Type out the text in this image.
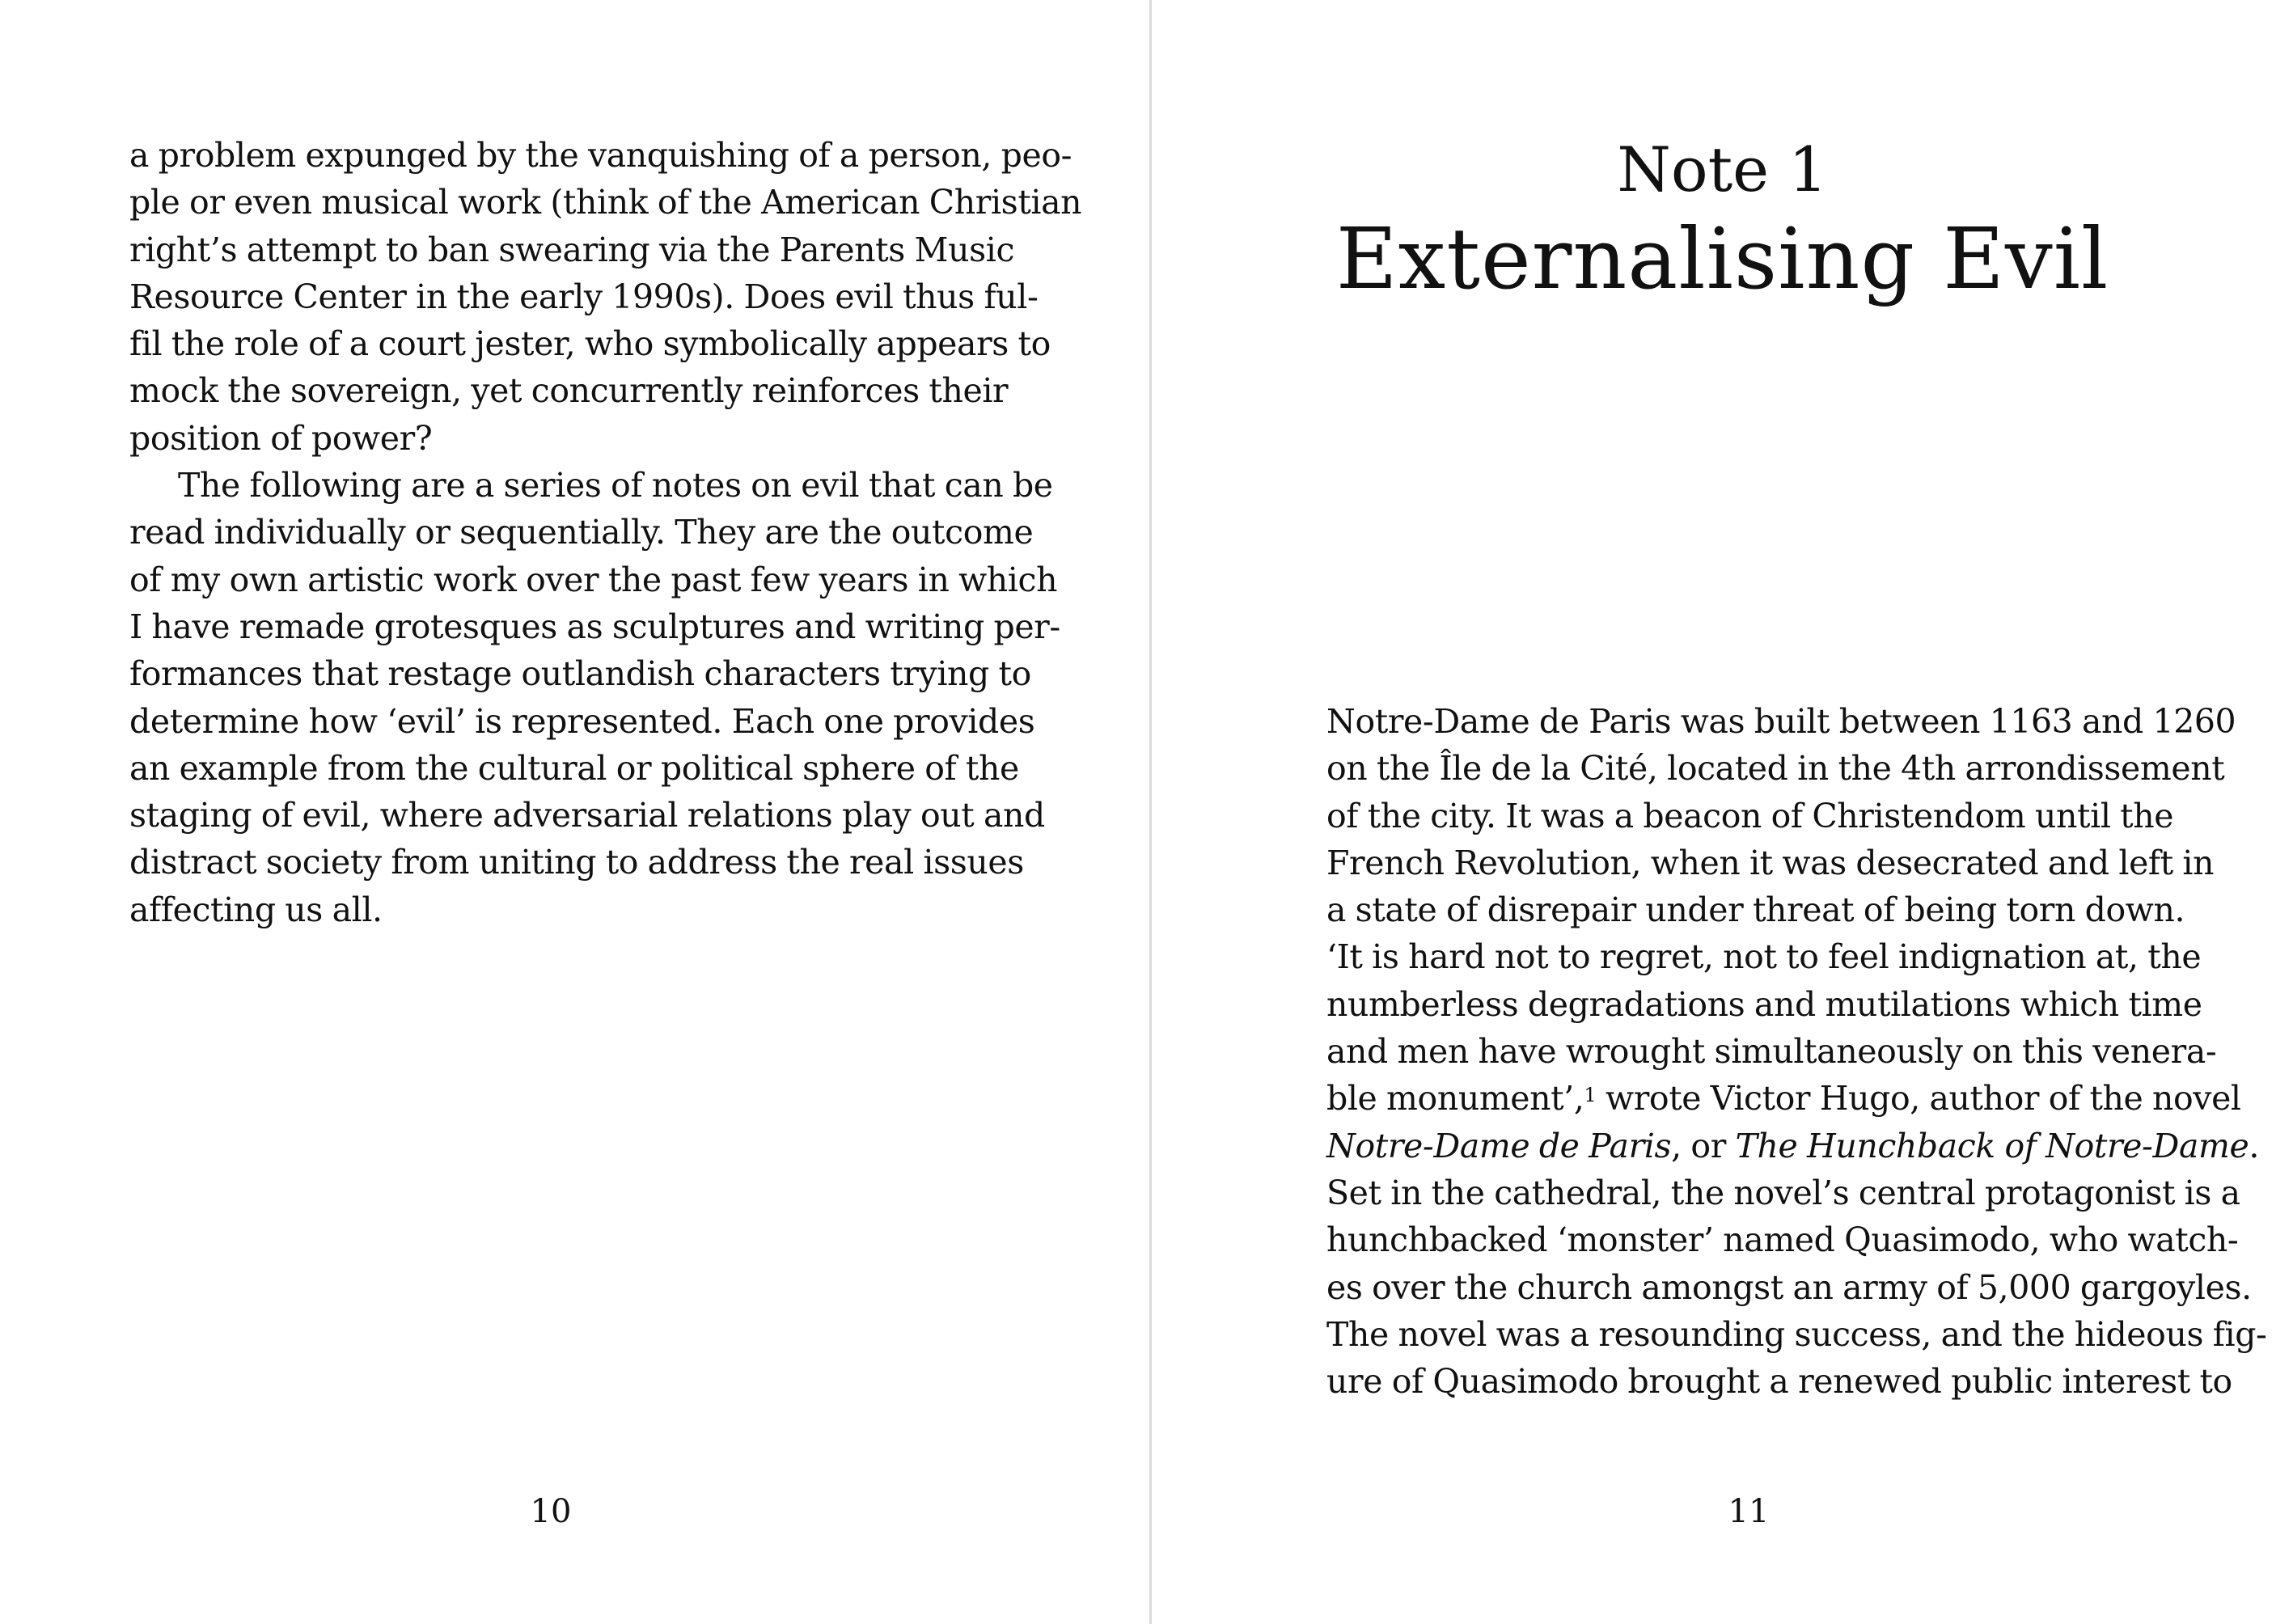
a problem expunged by the vanquishing of a person, peo-
ple or even musical work (think of the American Christian
right’s attempt to ban swearing via the Parents Music
Resource Center in the early 1990s). Does evil thus ful-
fil the role of a court jester, who symbolically appears to
mock the sovereign, yet concurrently reinforces their
position of power?
The following are a series of notes on evil that can be
read individually or sequentially. They are the outcome
of my own artistic work over the past few years in which
I have remade grotesques as sculptures and writing per-
formances that restage outlandish characters trying to
determine how ‘evil’ is represented. Each one provides
an example from the cultural or political sphere of the
staging of evil, where adversarial relations play out and
distract society from uniting to address the real issues
affecting us all.
10
Note 1
Externalising Evil
Notre-Dame de Paris was built between 1163 and 1260
on the Île de la Cité, located in the 4th arrondissement
of the city. It was a beacon of Christendom until the
French Revolution, when it was desecrated and left in
a state of disrepair under threat of being torn down.
‘It is hard not to regret, not to feel indignation at, the
numberless degradations and mutilations which time
and men have wrought simultaneously on this venera-
ble monument’,$^1$ wrote Victor Hugo, author of the novel
Notre-Dame de Paris, or The Hunchback of Notre-Dame.
Set in the cathedral, the novel’s central protagonist is a
hunchbacked ‘monster’ named Quasimodo, who watch-
es over the church amongst an army of 5,000 gargoyles.
The novel was a resounding success, and the hideous fig-
ure of Quasimodo brought a renewed public interest to
11
